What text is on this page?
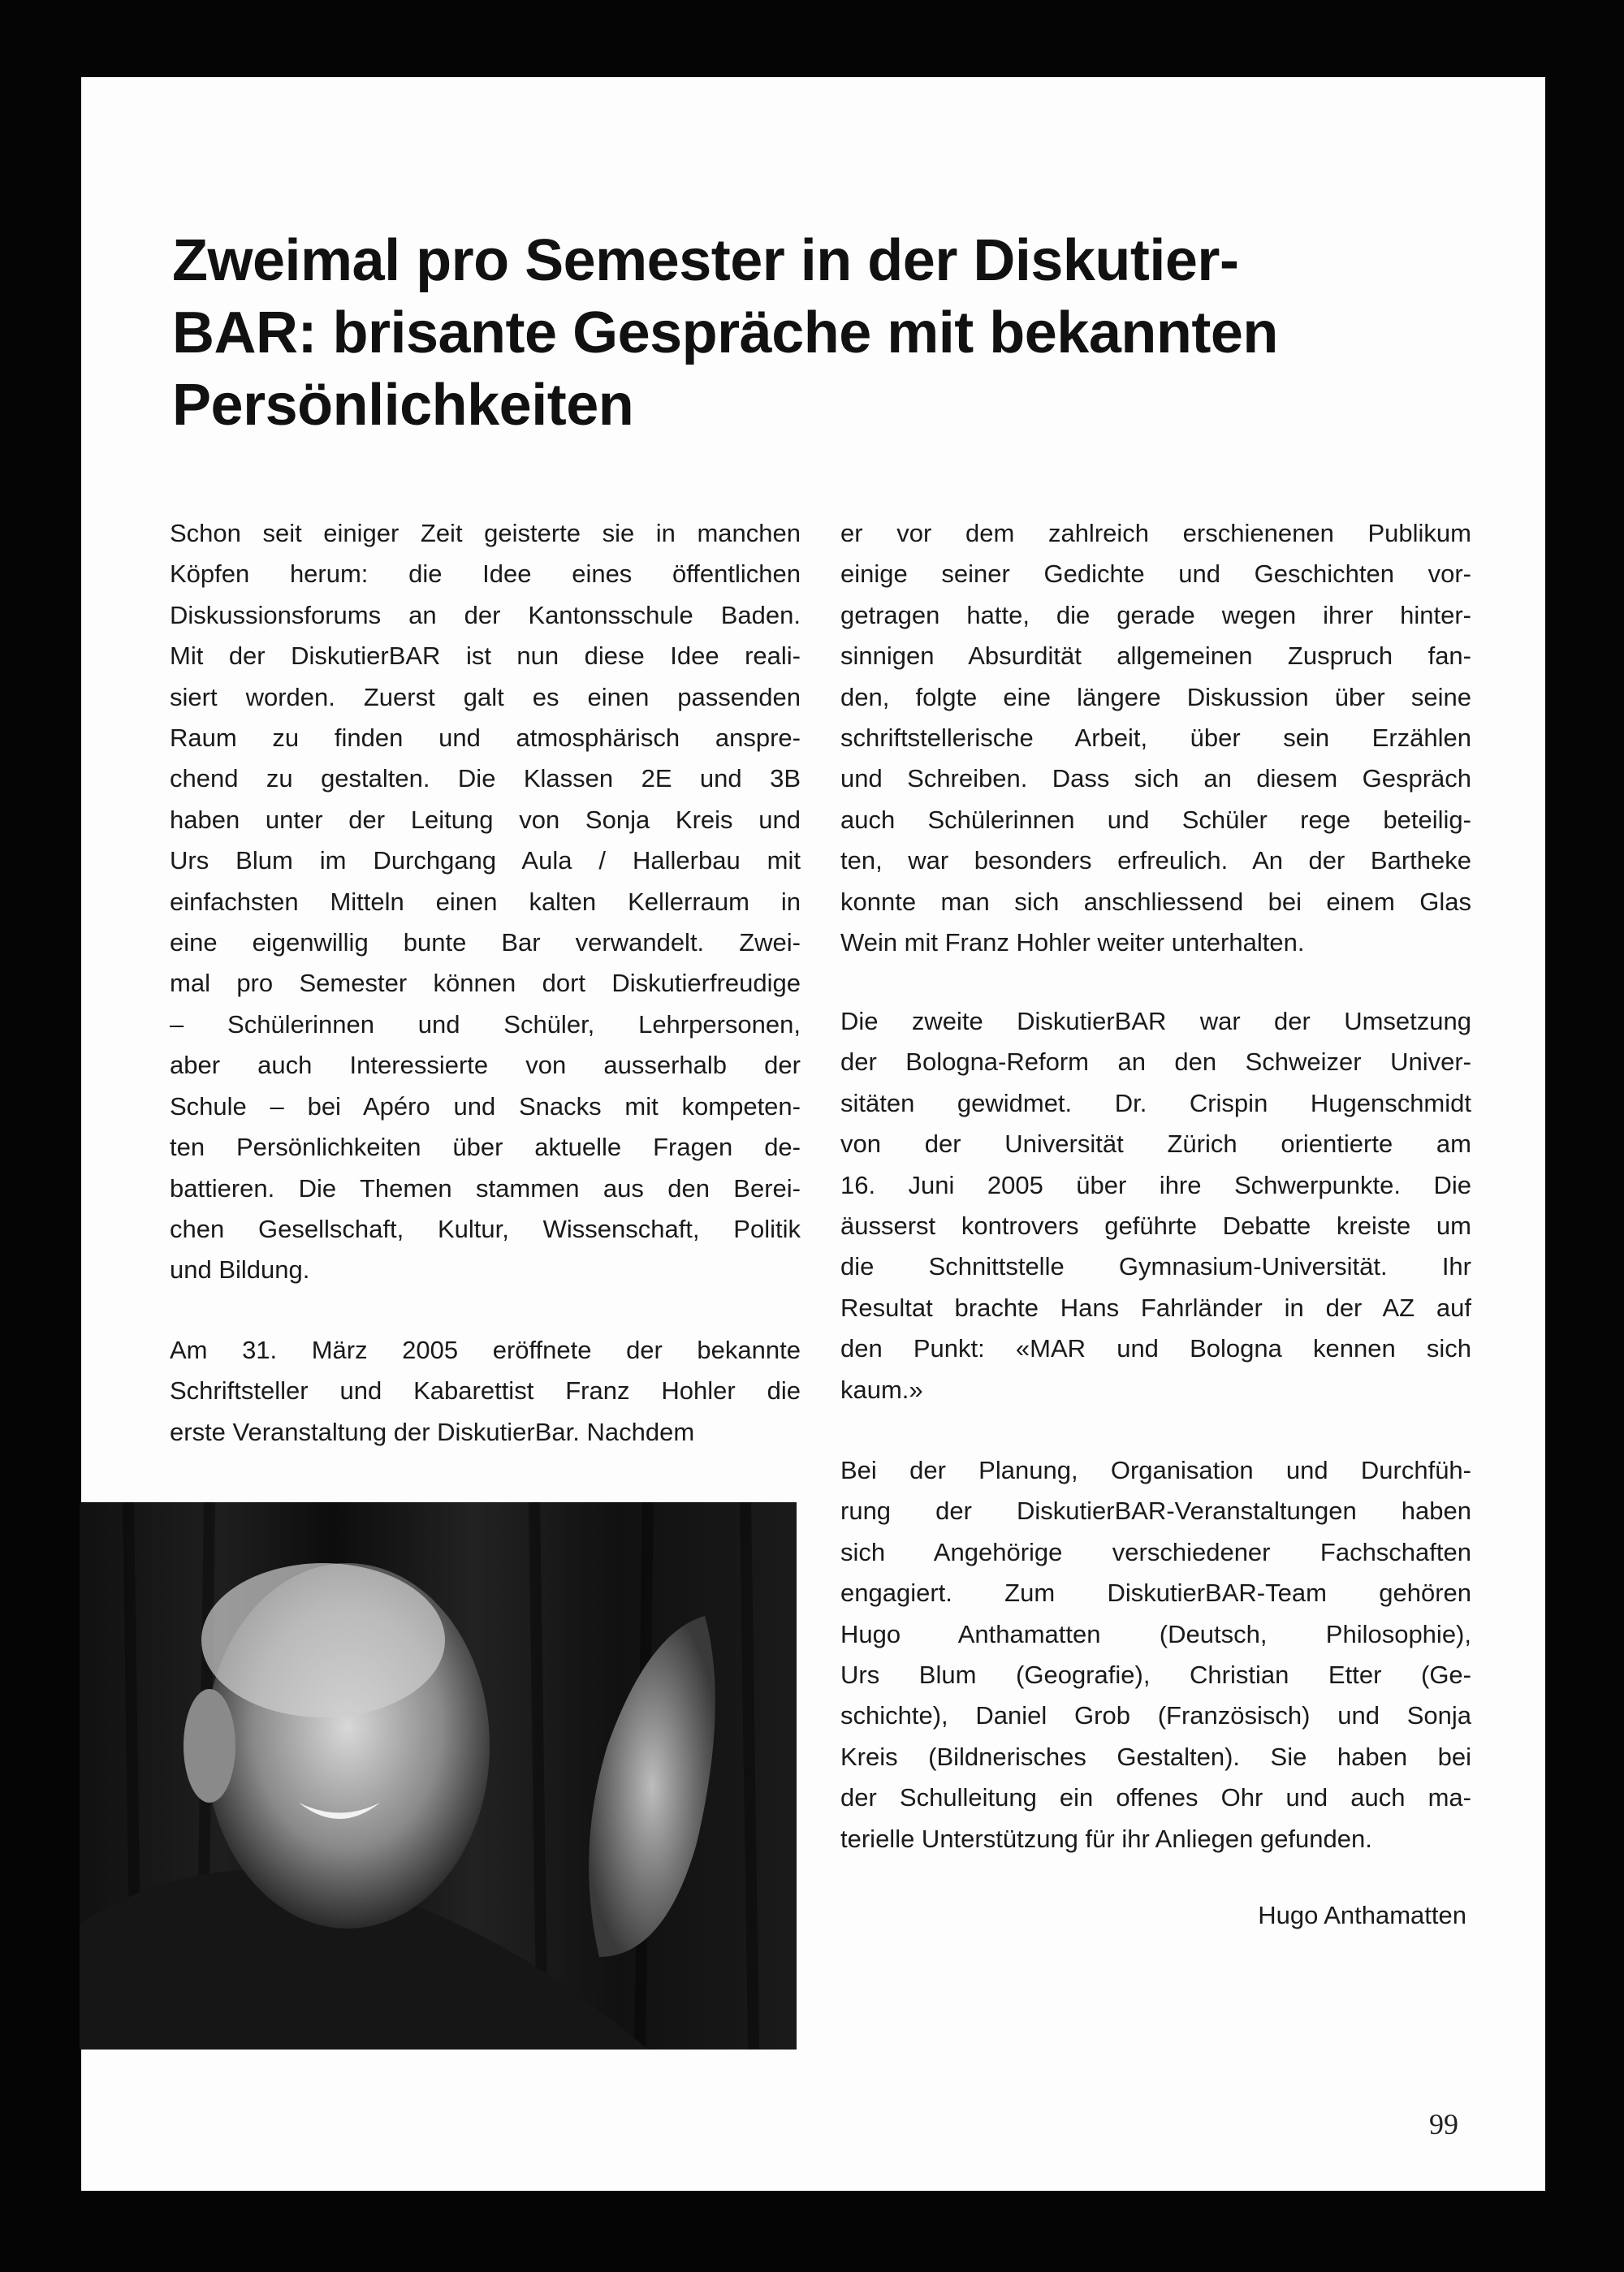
Zweimal pro Semester in der Diskutier-
BAR: brisante Gespräche mit bekannten
Persönlichkeiten
Schon seit einiger Zeit geisterte sie in manchen
Köpfen herum: die Idee eines öffentlichen
Diskussionsforums an der Kantonsschule Baden.
Mit der DiskutierBAR ist nun diese Idee reali-
siert worden. Zuerst galt es einen passenden
Raum zu finden und atmosphärisch anspre-
chend zu gestalten. Die Klassen 2E und 3B
haben unter der Leitung von Sonja Kreis und
Urs Blum im Durchgang Aula / Hallerbau mit
einfachsten Mitteln einen kalten Kellerraum in
eine eigenwillig bunte Bar verwandelt. Zwei-
mal pro Semester können dort Diskutierfreudige
– Schülerinnen und Schüler, Lehrpersonen,
aber auch Interessierte von ausserhalb der
Schule – bei Apéro und Snacks mit kompeten-
ten Persönlichkeiten über aktuelle Fragen de-
battieren. Die Themen stammen aus den Berei-
chen Gesellschaft, Kultur, Wissenschaft, Politik
und Bildung.
Am 31. März 2005 eröffnete der bekannte
Schriftsteller und Kabarettist Franz Hohler die
erste Veranstaltung der DiskutierBar. Nachdem
er vor dem zahlreich erschienenen Publikum
einige seiner Gedichte und Geschichten vor-
getragen hatte, die gerade wegen ihrer hinter-
sinnigen Absurdität allgemeinen Zuspruch fan-
den, folgte eine längere Diskussion über seine
schriftstellerische Arbeit, über sein Erzählen
und Schreiben. Dass sich an diesem Gespräch
auch Schülerinnen und Schüler rege beteilig-
ten, war besonders erfreulich. An der Bartheke
konnte man sich anschliessend bei einem Glas
Wein mit Franz Hohler weiter unterhalten.
Die zweite DiskutierBAR war der Umsetzung
der Bologna-Reform an den Schweizer Univer-
sitäten gewidmet. Dr. Crispin Hugenschmidt
von der Universität Zürich orientierte am
16. Juni 2005 über ihre Schwerpunkte. Die
äusserst kontrovers geführte Debatte kreiste um
die Schnittstelle Gymnasium-Universität. Ihr
Resultat brachte Hans Fahrländer in der AZ auf
den Punkt: «MAR und Bologna kennen sich
kaum.»
Bei der Planung, Organisation und Durchfüh-
rung der DiskutierBAR-Veranstaltungen haben
sich Angehörige verschiedener Fachschaften
engagiert. Zum DiskutierBAR-Team gehören
Hugo Anthamatten (Deutsch, Philosophie),
Urs Blum (Geografie), Christian Etter (Ge-
schichte), Daniel Grob (Französisch) und Sonja
Kreis (Bildnerisches Gestalten). Sie haben bei
der Schulleitung ein offenes Ohr und auch ma-
terielle Unterstützung für ihr Anliegen gefunden.
Hugo Anthamatten
99
